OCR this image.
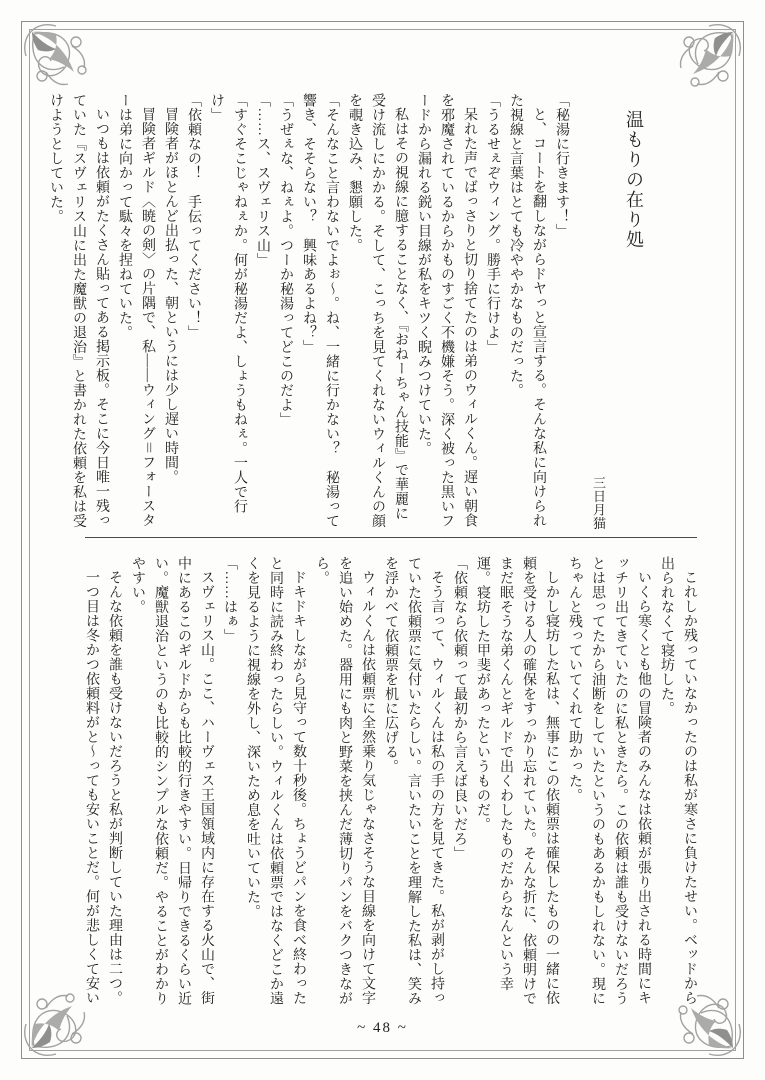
温もりの在り処

三日月猫

「秘湯に行きます！」

と、コートを翻しながらドヤっと宣言する。そんな私に向けられた視線と言葉はとても冷ややかなものだった。

「うるせぇぞウィング。勝手に行けよ」

呆れた声でばっさりと切り捨てたのは弟のウィルくん。遅い朝食を邪魔されているからかものすごく不機嫌そう。深く被った黒いフードから漏れる鋭い目線が私をキツく睨みつけていた。

私はその視線に臆することなく、『おねーちゃん技能』で華麗に受け流しにかかる。そして、こっちを見てくれないウィルくんの顔を覗き込み、懇願した。

「そんなこと言わないでよぉ〜。ね、一緒に行かない？　秘湯って響き、そそらない？　興味あるよね？」

「うぜぇな、ねぇよ。つーか秘湯ってどこのだよ」

「……ス、スヴェリス山」

「すぐそこじゃねぇか。何が秘湯だよ、しょうもねぇ。一人で行け」

「依頼なの！　手伝ってください！」

冒険者がほとんど出払った、朝というには少し遅い時間。

冒険者ギルド〈暁の剣〉の片隅で、私――ウィング＝フォースターは弟に向かって駄々を捏ねていた。

いつもは依頼がたくさん貼ってある掲示板。そこに今日唯一残っていた『スヴェリス山に出た魔獣の退治』と書かれた依頼を私は受けようとしていた。

これしか残っていなかったのは私が寒さに負けたせい。ベッドから出られなくて寝坊した。

いくら寒くとも他の冒険者のみんなは依頼が張り出される時間にキッチリ出てきていたのに私ときたら。この依頼は誰も受けないだろうとは思ってたから油断をしていたというのもあるかもしれない。現にちゃんと残っていてくれて助かった。

しかし寝坊した私は、無事にこの依頼票は確保したものの一緒に依頼を受ける人の確保をすっかり忘れていた。そんな折に、依頼明けでまだ眠そうな弟くんとギルドで出くわしたものだからなんという幸運。寝坊した甲斐があったというものだ。

「依頼なら依頼って最初から言えば良いだろ」

そう言って、ウィルくんは私の手の方を見てきた。私が剥がし持っていた依頼票に気付いたらしい。言いたいことを理解した私は、笑みを浮かべて依頼票を机に広げる。

ウィルくんは依頼票に全然乗り気じゃなさそうな目線を向けて文字を追い始めた。器用にも肉と野菜を挟んだ薄切りパンをバクつきながら。

ドキドキしながら見守って数十秒後。ちょうどパンを食べ終わったと同時に読み終わったらしい。ウィルくんは依頼票ではなくどこか遠くを見るように視線を外し、深いため息を吐いていた。

「……はぁ」

スヴェリス山。ここ、ハーヴェス王国領域内に存在する火山で、街中にあるこのギルドからも比較的行きやすい。日帰りできるくらい近い。魔獣退治というのも比較的シンプルな依頼だ。やることがわかりやすい。

そんな依頼を誰も受けないだろうと私が判断していた理由は二つ。

一つ目は冬かつ依頼料がと〜っても安いことだ。何が悲しくて安い

~ 48 ~
